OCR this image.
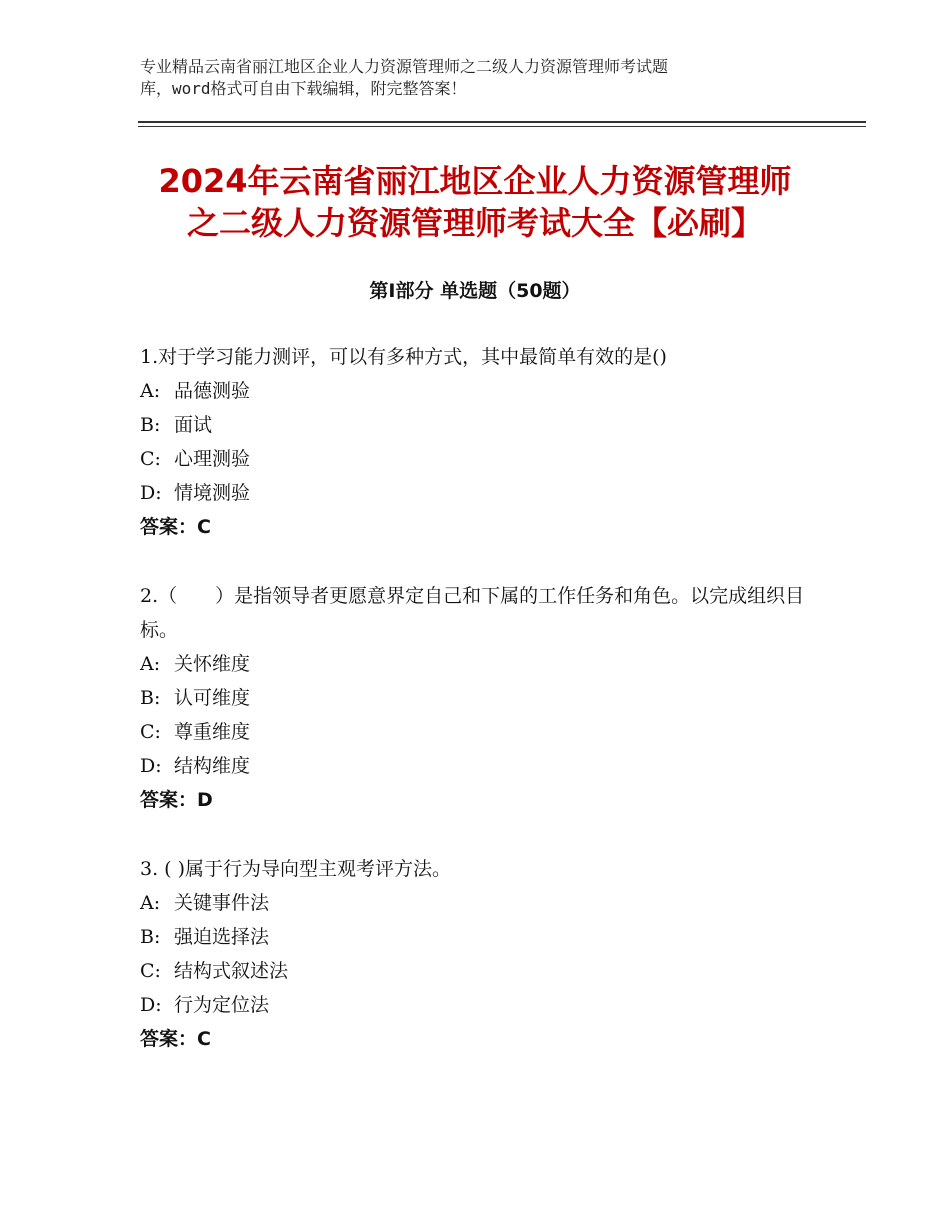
专业精品云南省丽江地区企业人力资源管理师之二级人力资源管理师考试题
库，word格式可自由下载编辑，附完整答案！
2024年云南省丽江地区企业人力资源管理师
之二级人力资源管理师考试大全【必刷】
第Ⅰ部分 单选题（50题）
1.对于学习能力测评，可以有多种方式，其中最简单有效的是()
A: 品德测验
B: 面试
C: 心理测验
D: 情境测验
答案：C
2.（　　）是指领导者更愿意界定自己和下属的工作任务和角色。以完成组织目标。
A: 关怀维度
B: 认可维度
C: 尊重维度
D: 结构维度
答案：D
3. ( )属于行为导向型主观考评方法。
A: 关键事件法
B: 强迫选择法
C: 结构式叙述法
D: 行为定位法
答案：C
